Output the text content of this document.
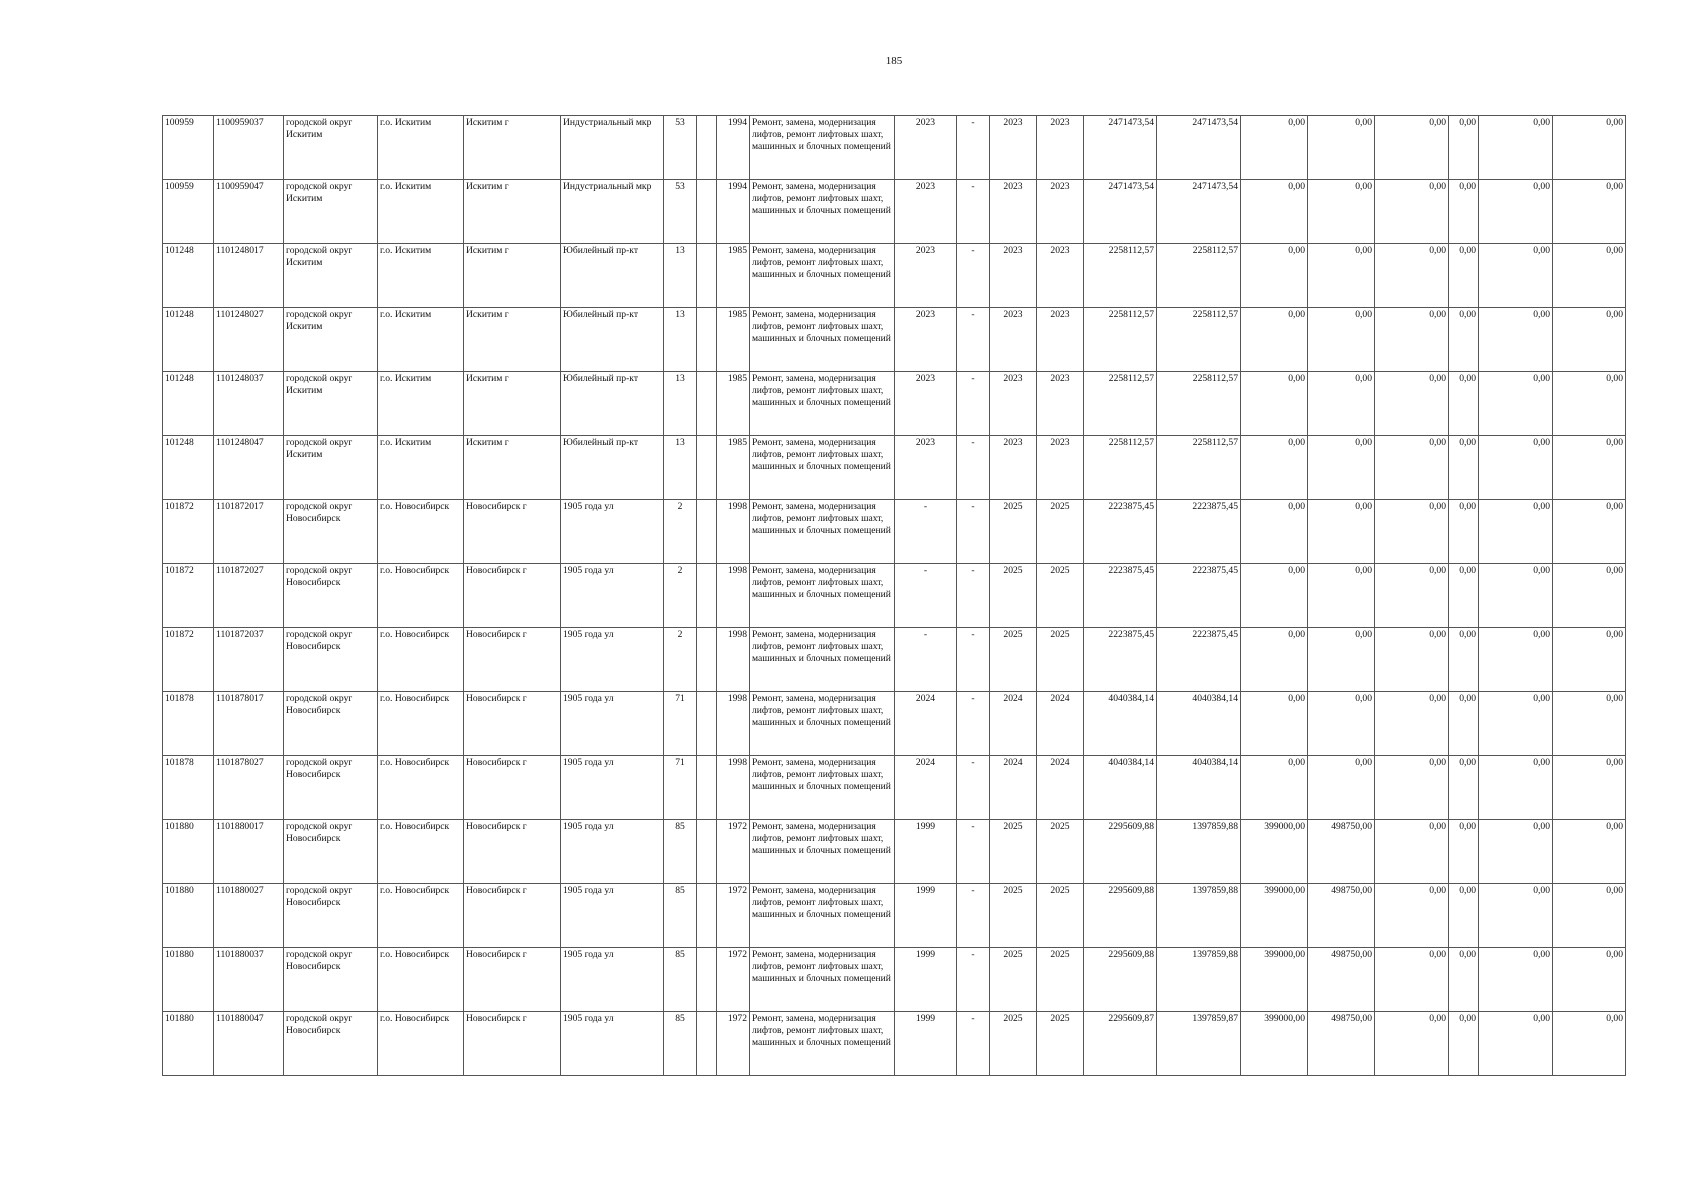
185
100959	1100959037	городской округ Искитим	г.о. Искитим	Искитим г	Индустриальный мкр	53		1994	Ремонт, замена, модернизация лифтов, ремонт лифтовых шахт, машинных и блочных помещений	2023	-	2023	2023	2471473,54	2471473,54	0,00	0,00	0,00	0,00	0,00	0,00
100959	1100959047	городской округ Искитим	г.о. Искитим	Искитим г	Индустриальный мкр	53		1994	Ремонт, замена, модернизация лифтов, ремонт лифтовых шахт, машинных и блочных помещений	2023	-	2023	2023	2471473,54	2471473,54	0,00	0,00	0,00	0,00	0,00	0,00
101248	1101248017	городской округ Искитим	г.о. Искитим	Искитим г	Юбилейный пр-кт	13		1985	Ремонт, замена, модернизация лифтов, ремонт лифтовых шахт, машинных и блочных помещений	2023	-	2023	2023	2258112,57	2258112,57	0,00	0,00	0,00	0,00	0,00	0,00
101248	1101248027	городской округ Искитим	г.о. Искитим	Искитим г	Юбилейный пр-кт	13		1985	Ремонт, замена, модернизация лифтов, ремонт лифтовых шахт, машинных и блочных помещений	2023	-	2023	2023	2258112,57	2258112,57	0,00	0,00	0,00	0,00	0,00	0,00
101248	1101248037	городской округ Искитим	г.о. Искитим	Искитим г	Юбилейный пр-кт	13		1985	Ремонт, замена, модернизация лифтов, ремонт лифтовых шахт, машинных и блочных помещений	2023	-	2023	2023	2258112,57	2258112,57	0,00	0,00	0,00	0,00	0,00	0,00
101248	1101248047	городской округ Искитим	г.о. Искитим	Искитим г	Юбилейный пр-кт	13		1985	Ремонт, замена, модернизация лифтов, ремонт лифтовых шахт, машинных и блочных помещений	2023	-	2023	2023	2258112,57	2258112,57	0,00	0,00	0,00	0,00	0,00	0,00
101872	1101872017	городской округ Новосибирск	г.о. Новосибирск	Новосибирск г	1905 года ул	2		1998	Ремонт, замена, модернизация лифтов, ремонт лифтовых шахт, машинных и блочных помещений	-	-	2025	2025	2223875,45	2223875,45	0,00	0,00	0,00	0,00	0,00	0,00
101872	1101872027	городской округ Новосибирск	г.о. Новосибирск	Новосибирск г	1905 года ул	2		1998	Ремонт, замена, модернизация лифтов, ремонт лифтовых шахт, машинных и блочных помещений	-	-	2025	2025	2223875,45	2223875,45	0,00	0,00	0,00	0,00	0,00	0,00
101872	1101872037	городской округ Новосибирск	г.о. Новосибирск	Новосибирск г	1905 года ул	2		1998	Ремонт, замена, модернизация лифтов, ремонт лифтовых шахт, машинных и блочных помещений	-	-	2025	2025	2223875,45	2223875,45	0,00	0,00	0,00	0,00	0,00	0,00
101878	1101878017	городской округ Новосибирск	г.о. Новосибирск	Новосибирск г	1905 года ул	71		1998	Ремонт, замена, модернизация лифтов, ремонт лифтовых шахт, машинных и блочных помещений	2024	-	2024	2024	4040384,14	4040384,14	0,00	0,00	0,00	0,00	0,00	0,00
101878	1101878027	городской округ Новосибирск	г.о. Новосибирск	Новосибирск г	1905 года ул	71		1998	Ремонт, замена, модернизация лифтов, ремонт лифтовых шахт, машинных и блочных помещений	2024	-	2024	2024	4040384,14	4040384,14	0,00	0,00	0,00	0,00	0,00	0,00
101880	1101880017	городской округ Новосибирск	г.о. Новосибирск	Новосибирск г	1905 года ул	85		1972	Ремонт, замена, модернизация лифтов, ремонт лифтовых шахт, машинных и блочных помещений	1999	-	2025	2025	2295609,88	1397859,88	399000,00	498750,00	0,00	0,00	0,00	0,00
101880	1101880027	городской округ Новосибирск	г.о. Новосибирск	Новосибирск г	1905 года ул	85		1972	Ремонт, замена, модернизация лифтов, ремонт лифтовых шахт, машинных и блочных помещений	1999	-	2025	2025	2295609,88	1397859,88	399000,00	498750,00	0,00	0,00	0,00	0,00
101880	1101880037	городской округ Новосибирск	г.о. Новосибирск	Новосибирск г	1905 года ул	85		1972	Ремонт, замена, модернизация лифтов, ремонт лифтовых шахт, машинных и блочных помещений	1999	-	2025	2025	2295609,88	1397859,88	399000,00	498750,00	0,00	0,00	0,00	0,00
101880	1101880047	городской округ Новосибирск	г.о. Новосибирск	Новосибирск г	1905 года ул	85		1972	Ремонт, замена, модернизация лифтов, ремонт лифтовых шахт, машинных и блочных помещений	1999	-	2025	2025	2295609,87	1397859,87	399000,00	498750,00	0,00	0,00	0,00	0,00
